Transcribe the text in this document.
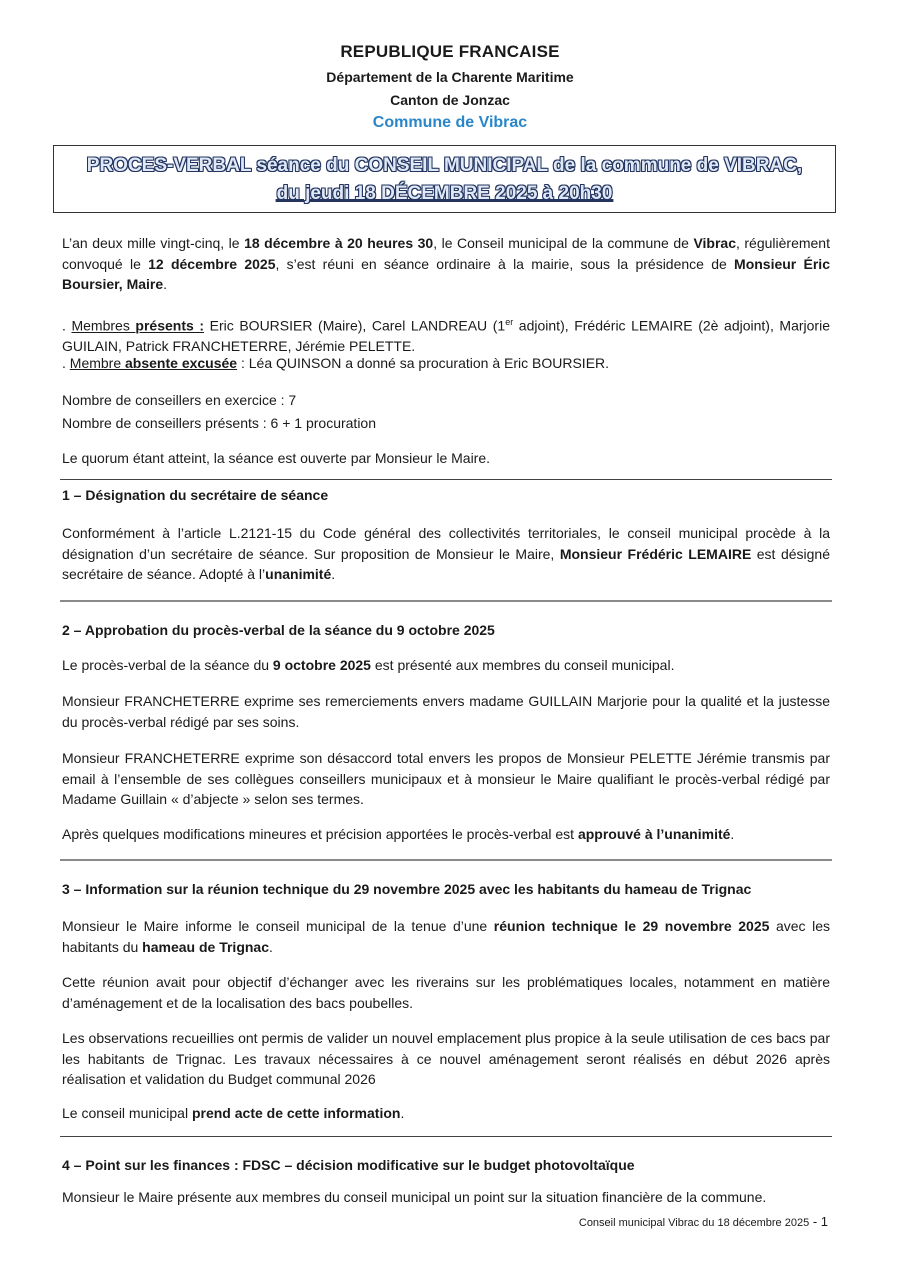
REPUBLIQUE FRANCAISE
Département de la Charente Maritime
Canton de Jonzac
Commune de Vibrac
PROCES-VERBAL séance du CONSEIL MUNICIPAL de la commune de VIBRAC,
du jeudi 18 DÉCEMBRE 2025 à 20h30
L’an deux mille vingt-cinq, le 18 décembre à 20 heures 30, le Conseil municipal de la commune de Vibrac, régulièrement convoqué le 12 décembre 2025, s’est réuni en séance ordinaire à la mairie, sous la présidence de Monsieur Éric Boursier, Maire.
. Membres présents : Eric BOURSIER (Maire), Carel LANDREAU (1er adjoint), Frédéric LEMAIRE (2è adjoint), Marjorie GUILAIN, Patrick FRANCHETERRE, Jérémie PELETTE.
. Membre absente excusée : Léa QUINSON a donné sa procuration à Eric BOURSIER.
Nombre de conseillers en exercice : 7
Nombre de conseillers présents : 6 + 1 procuration
Le quorum étant atteint, la séance est ouverte par Monsieur le Maire.
1 – Désignation du secrétaire de séance
Conformément à l’article L.2121-15 du Code général des collectivités territoriales, le conseil municipal procède à la désignation d’un secrétaire de séance. Sur proposition de Monsieur le Maire, Monsieur Frédéric LEMAIRE est désigné secrétaire de séance. Adopté à l’unanimité.
2 – Approbation du procès-verbal de la séance du 9 octobre 2025
Le procès-verbal de la séance du 9 octobre 2025 est présenté aux membres du conseil municipal.
Monsieur FRANCHETERRE exprime ses remerciements envers madame GUILLAIN Marjorie pour la qualité et la justesse du procès-verbal rédigé par ses soins.
Monsieur FRANCHETERRE exprime son désaccord total envers les propos de Monsieur PELETTE Jérémie transmis par email à l’ensemble de ses collègues conseillers municipaux et à monsieur le Maire qualifiant le procès-verbal rédigé par Madame Guillain « d’abjecte » selon ses termes.
Après quelques modifications mineures et précision apportées le procès-verbal est approuvé à l’unanimité.
3 – Information sur la réunion technique du 29 novembre 2025 avec les habitants du hameau de Trignac
Monsieur le Maire informe le conseil municipal de la tenue d’une réunion technique le 29 novembre 2025 avec les habitants du hameau de Trignac.
Cette réunion avait pour objectif d’échanger avec les riverains sur les problématiques locales, notamment en matière d’aménagement et de la localisation des bacs poubelles.
Les observations recueillies ont permis de valider un nouvel emplacement plus propice à la seule utilisation de ces bacs par les habitants de Trignac. Les travaux nécessaires à ce nouvel aménagement seront réalisés en début 2026 après réalisation et validation du Budget communal 2026
Le conseil municipal prend acte de cette information.
4 – Point sur les finances : FDSC – décision modificative sur le budget photovoltaïque
Monsieur le Maire présente aux membres du conseil municipal un point sur la situation financière de la commune.
Conseil municipal Vibrac du 18 décembre 2025 - 1
